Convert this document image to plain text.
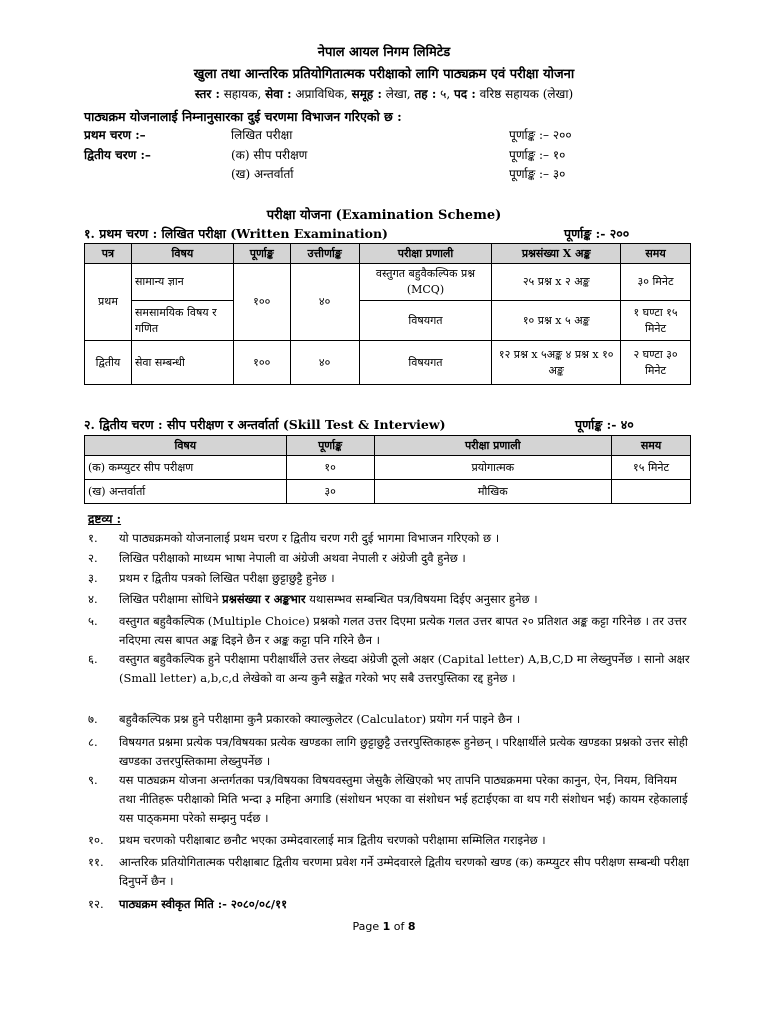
नेपाल आयल निगम लिमिटेड
खुला तथा आन्तरिक प्रतियोगितात्मक परीक्षाको लागि पाठ्यक्रम एवं परीक्षा योजना
स्तर : सहायक, सेवा : अप्राविधिक, समूह : लेखा, तह : ५, पद : वरिष्ठ सहायक (लेखा)
पाठ्यक्रम योजनालाई निम्नानुसारका दुई चरणमा विभाजन गरिएको छ :
प्रथम चरण :–	लिखित परीक्षा	पूर्णाङ्क :– २००
द्वितीय चरण :–	(क) सीप परीक्षण	पूर्णाङ्क :– १०
(ख) अन्तर्वार्ता	पूर्णाङ्क :– ३०
परीक्षा योजना (Examination Scheme)
१. प्रथम चरण : लिखित परीक्षा (Written Examination)	पूर्णाङ्क :- २००
पत्र	विषय	पूर्णाङ्क	उत्तीर्णाङ्क	परीक्षा प्रणाली	प्रश्नसंख्या X अङ्क	समय
प्रथम	सामान्य ज्ञान	१००	४०	वस्तुगत बहुवैकल्पिक प्रश्न (MCQ)	२५ प्रश्न x २ अङ्क	३० मिनेट
	समसामयिक विषय र गणित			विषयगत	१० प्रश्न x ५ अङ्क	१ घण्टा १५ मिनेट
द्वितीय	सेवा सम्बन्धी	१००	४०	विषयगत	१२ प्रश्न x ५अङ्क ४ प्रश्न x १० अङ्क	२ घण्टा ३० मिनेट
२. द्वितीय चरण : सीप परीक्षण र अन्तर्वार्ता (Skill Test & Interview)	पूर्णाङ्क :- ४०
विषय	पूर्णाङ्क	परीक्षा प्रणाली	समय
(क) कम्प्युटर सीप परीक्षण	१०	प्रयोगात्मक	१५ मिनेट
(ख) अन्तर्वार्ता	३०	मौखिक	
द्रष्टव्य :
१. यो पाठ्यक्रमको योजनालाई प्रथम चरण र द्वितीय चरण गरी दुई भागमा विभाजन गरिएको छ ।
२. लिखित परीक्षाको माध्यम भाषा नेपाली वा अंग्रेजी अथवा नेपाली र अंग्रेजी दुवै हुनेछ ।
३. प्रथम र द्वितीय पत्रको लिखित परीक्षा छुट्टाछुट्टै हुनेछ ।
४. लिखित परीक्षामा सोधिने प्रश्नसंख्या र अङ्कभार यथासम्भव सम्बन्धित पत्र/विषयमा दिईए अनुसार हुनेछ ।
५. वस्तुगत बहुवैकल्पिक (Multiple Choice) प्रश्नको गलत उत्तर दिएमा प्रत्येक गलत उत्तर बापत २० प्रतिशत अङ्क कट्टा गरिनेछ । तर उत्तर नदिएमा त्यस बापत अङ्क दिइने छैन र अङ्क कट्टा पनि गरिने छैन ।
६. वस्तुगत बहुवैकल्पिक हुने परीक्षामा परीक्षार्थीले उत्तर लेख्दा अंग्रेजी ठूलो अक्षर (Capital letter) A,B,C,D मा लेख्नुपर्नेछ । सानो अक्षर (Small letter) a,b,c,d लेखेको वा अन्य कुनै सङ्केत गरेको भए सबै उत्तरपुस्तिका रद्द हुनेछ ।
७. बहुवैकल्पिक प्रश्न हुने परीक्षामा कुनै प्रकारको क्याल्कुलेटर (Calculator) प्रयोग गर्न पाइने छैन ।
८. विषयगत प्रश्नमा प्रत्येक पत्र/विषयका प्रत्येक खण्डका लागि छुट्टाछुट्टै उत्तरपुस्तिकाहरू हुनेछन् । परिक्षार्थीले प्रत्येक खण्डका प्रश्नको उत्तर सोही खण्डका उत्तरपुस्तिकामा लेख्नुपर्नेछ ।
९. यस पाठ्यक्रम योजना अन्तर्गतका पत्र/विषयका विषयवस्तुमा जेसुकै लेखिएको भए तापनि पाठ्यक्रममा परेका कानुन, ऐन, नियम, विनियम तथा नीतिहरू परीक्षाको मिति भन्दा ३ महिना अगाडि (संशोधन भएका वा संशोधन भई हटाईएका वा थप गरी संशोधन भई) कायम रहेकालाई यस पाठ्कममा परेको सम्झनु पर्दछ ।
१०. प्रथम चरणको परीक्षाबाट छनौट भएका उम्मेदवारलाई मात्र द्वितीय चरणको परीक्षामा सम्मिलित गराइनेछ ।
११. आन्तरिक प्रतियोगितात्मक परीक्षाबाट द्वितीय चरणमा प्रवेश गर्ने उम्मेदवारले द्वितीय चरणको खण्ड (क) कम्प्युटर सीप परीक्षण सम्बन्धी परीक्षा दिनुपर्ने छैन ।
१२. पाठ्यक्रम स्वीकृत मिति :- २०८०/०८/११
Page 1 of 8
